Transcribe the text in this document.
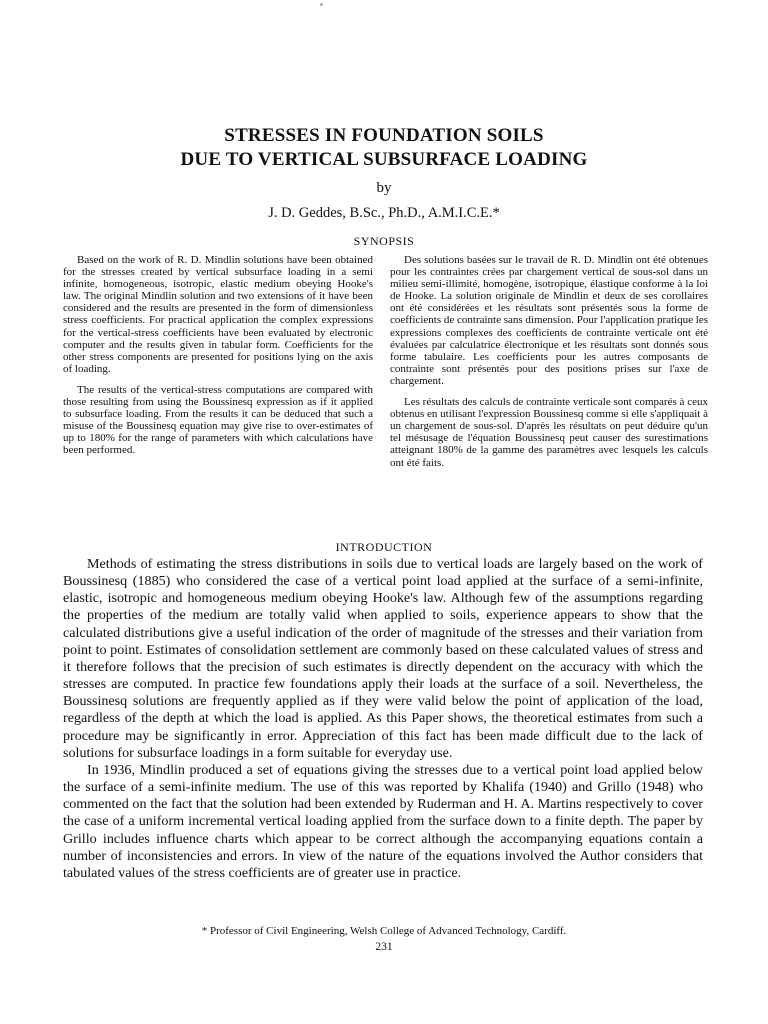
STRESSES IN FOUNDATION SOILS
DUE TO VERTICAL SUBSURFACE LOADING
by
J. D. Geddes, B.Sc., Ph.D., A.M.I.C.E.*
SYNOPSIS

Based on the work of R. D. Mindlin solutions have been obtained for the stresses created by vertical subsurface loading in a semi infinite, homogeneous, isotropic, elastic medium obeying Hooke's law. The original Mindlin solution and two extensions of it have been considered and the results are presented in the form of dimensionless stress coefficients. For practical application the complex expressions for the vertical-stress coefficients have been evaluated by electronic computer and the results given in tabular form. Coefficients for the other stress components are presented for positions lying on the axis of loading.

The results of the vertical-stress computations are compared with those resulting from using the Boussinesq expression as if it applied to subsurface loading. From the results it can be deduced that such a misuse of the Boussinesq equation may give rise to over-estimates of up to 180% for the range of parameters with which calculations have been performed.

Des solutions basées sur le travail de R. D. Mindlin ont été obtenues pour les contraintes crées par chargement vertical de sous-sol dans un milieu semi-illimité, homogène, isotropique, élastique conforme à la loi de Hooke. La solution originale de Mindlin et deux de ses corollaires ont été considérées et les résultats sont présentés sous la forme de coefficients de contrainte sans dimension. Pour l'application pratique les expressions complexes des coefficients de contrainte verticale ont été évaluées par calculatrice électronique et les résultats sont donnés sous forme tabulaire. Les coefficients pour les autres composants de contrainte sont présentés pour des positions prises sur l'axe de chargement.

Les résultats des calculs de contrainte verticale sont comparés à ceux obtenus en utilisant l'expression Boussinesq comme si elle s'appliquait à un chargement de sous-sol. D'après les résultats on peut déduire qu'un tel mésusage de l'équation Boussinesq peut causer des surestimations atteignant 180% de la gamme des paramètres avec lesquels les calculs ont été faits.

INTRODUCTION

Methods of estimating the stress distributions in soils due to vertical loads are largely based on the work of Boussinesq (1885) who considered the case of a vertical point load applied at the surface of a semi-infinite, elastic, isotropic and homogeneous medium obeying Hooke's law. Although few of the assumptions regarding the properties of the medium are totally valid when applied to soils, experience appears to show that the calculated distributions give a useful indication of the order of magnitude of the stresses and their variation from point to point. Estimates of consolidation settlement are commonly based on these calculated values of stress and it therefore follows that the precision of such estimates is directly dependent on the accuracy with which the stresses are computed. In practice few foundations apply their loads at the surface of a soil. Nevertheless, the Boussinesq solutions are frequently applied as if they were valid below the point of application of the load, regardless of the depth at which the load is applied. As this Paper shows, the theoretical estimates from such a procedure may be significantly in error. Appreciation of this fact has been made difficult due to the lack of solutions for subsurface loadings in a form suitable for everyday use.

In 1936, Mindlin produced a set of equations giving the stresses due to a vertical point load applied below the surface of a semi-infinite medium. The use of this was reported by Khalifa (1940) and Grillo (1948) who commented on the fact that the solution had been extended by Ruderman and H. A. Martins respectively to cover the case of a uniform incremental vertical loading applied from the surface down to a finite depth. The paper by Grillo includes influence charts which appear to be correct although the accompanying equations contain a number of inconsistencies and errors. In view of the nature of the equations involved the Author considers that tabulated values of the stress coefficients are of greater use in practice.

* Professor of Civil Engineering, Welsh College of Advanced Technology, Cardiff.
231
